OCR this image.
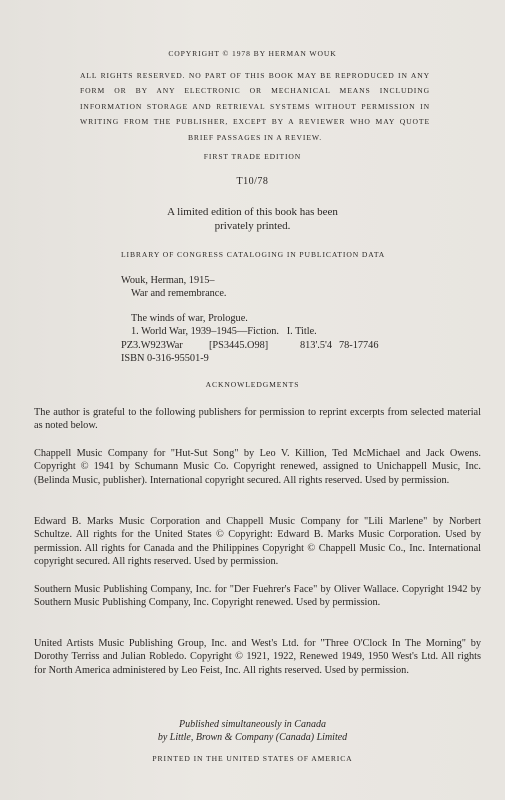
COPYRIGHT © 1978 BY HERMAN WOUK
ALL RIGHTS RESERVED. NO PART OF THIS BOOK MAY BE REPRODUCED IN ANY FORM OR BY ANY ELECTRONIC OR MECHANICAL MEANS INCLUDING INFORMATION STORAGE AND RETRIEVAL SYSTEMS WITHOUT PERMISSION IN WRITING FROM THE PUBLISHER, EXCEPT BY A REVIEWER WHO MAY QUOTE BRIEF PASSAGES IN A REVIEW.
FIRST TRADE EDITION
T10/78
A limited edition of this book has been
privately printed.
LIBRARY OF CONGRESS CATALOGING IN PUBLICATION DATA
Wouk, Herman, 1915–
War and remembrance.
The winds of war, Prologue.
1. World War, 1939–1945—Fiction.   I. Title.
PZ3.W923War	[PS3445.O98]	813'.5'4 78-17746
ISBN 0-316-95501-9
ACKNOWLEDGMENTS
The author is grateful to the following publishers for permission to reprint excerpts from selected material as noted below.
Chappell Music Company for "Hut-Sut Song" by Leo V. Killion, Ted McMichael and Jack Owens. Copyright © 1941 by Schumann Music Co. Copyright renewed, assigned to Unichappell Music, Inc. (Belinda Music, publisher). International copyright secured. All rights reserved. Used by permission.
Edward B. Marks Music Corporation and Chappell Music Company for "Lili Marlene" by Norbert Schultze. All rights for the United States © Copyright: Edward B. Marks Music Corporation. Used by permission. All rights for Canada and the Philippines Copyright © Chappell Music Co., Inc. International copyright secured. All rights reserved. Used by permission.
Southern Music Publishing Company, Inc. for "Der Fuehrer's Face" by Oliver Wallace. Copyright 1942 by Southern Music Publishing Company, Inc. Copyright renewed. Used by permission.
United Artists Music Publishing Group, Inc. and West's Ltd. for "Three O'Clock In The Morning" by Dorothy Terriss and Julian Robledo. Copyright © 1921, 1922, Renewed 1949, 1950 West's Ltd. All rights for North America administered by Leo Feist, Inc. All rights reserved. Used by permission.
Published simultaneously in Canada
by Little, Brown & Company (Canada) Limited
PRINTED IN THE UNITED STATES OF AMERICA
